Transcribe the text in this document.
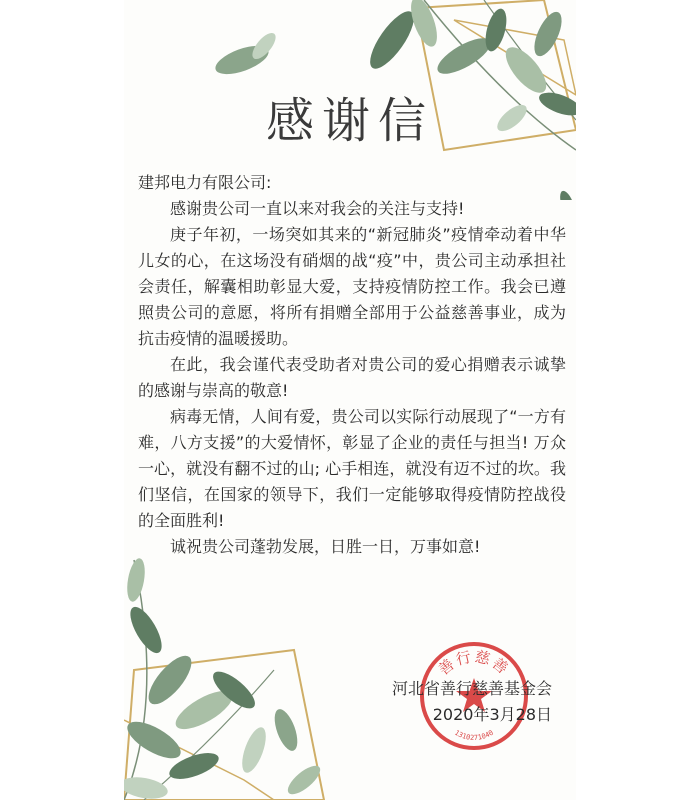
感谢信

建邦电力有限公司:

感谢贵公司一直以来对我会的关注与支持!

庚子年初，一场突如其来的“新冠肺炎”疫情牵动着中华儿女的心，在这场没有硝烟的战“疫”中，贵公司主动承担社会责任，解囊相助彰显大爱，支持疫情防控工作。我会已遵照贵公司的意愿，将所有捐赠全部用于公益慈善事业，成为抗击疫情的温暖援助。

在此，我会谨代表受助者对贵公司的爱心捐赠表示诚挚的感谢与崇高的敬意!

病毒无情，人间有爱，贵公司以实际行动展现了“一方有难，八方支援”的大爱情怀，彰显了企业的责任与担当! 万众一心，就没有翻不过的山; 心手相连，就没有迈不过的坎。我们坚信，在国家的领导下，我们一定能够取得疫情防控战役的全面胜利!

诚祝贵公司蓬勃发展，日胜一日，万事如意!

善行慈善
1310271040
河北省善行慈善基金会
2020年3月28日
